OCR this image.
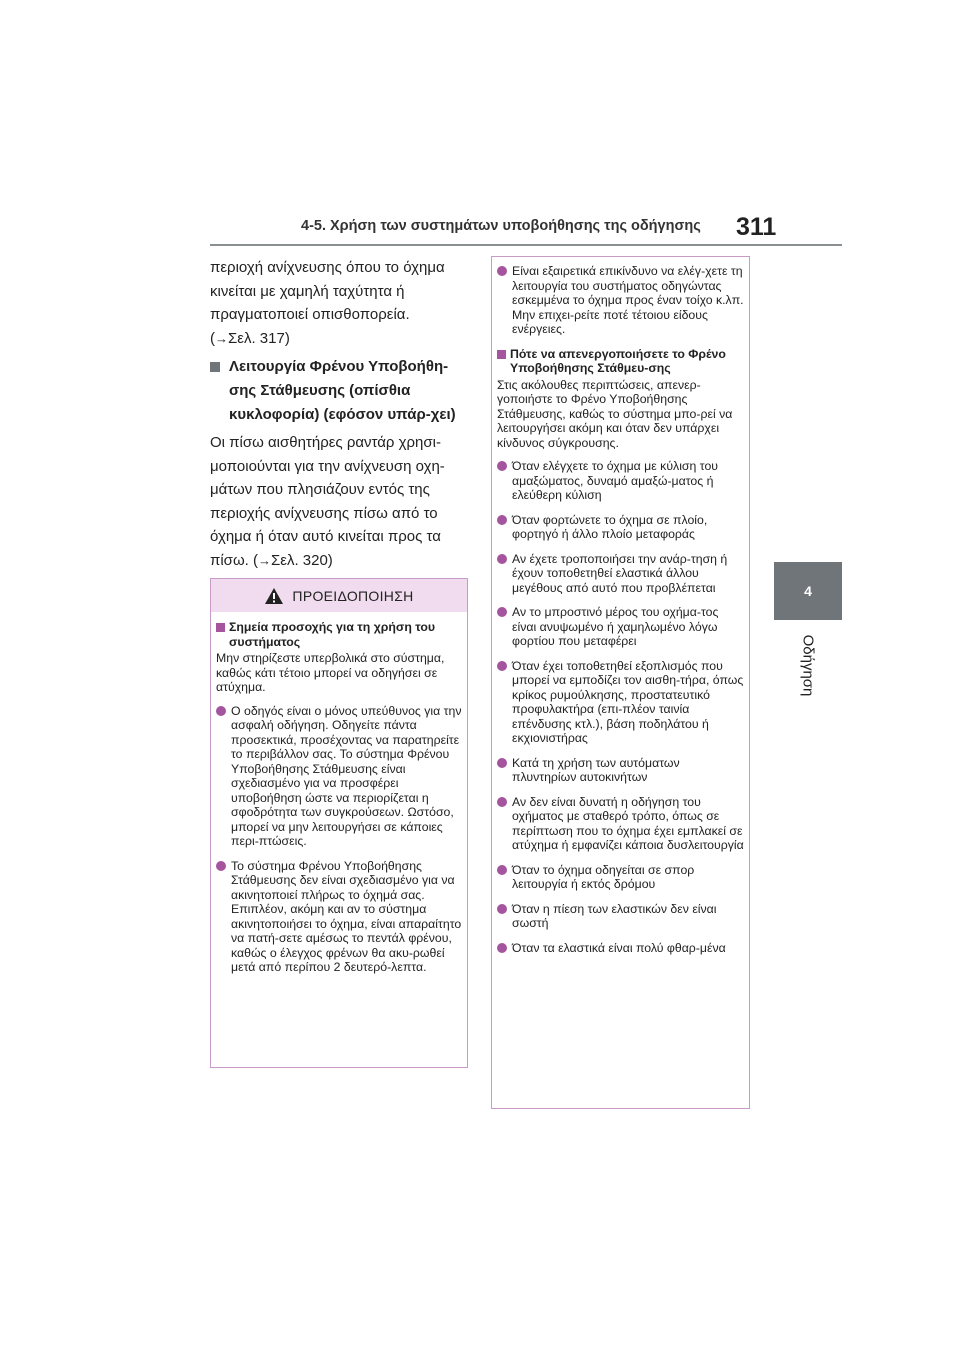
4-5. Χρήση των συστημάτων υποβοήθησης της οδήγησης 311
4
Οδήγηση

περιοχή ανίχνευσης όπου το όχημα κινείται με χαμηλή ταχύτητα ή πραγματοποιεί οπισθοπορεία.
(→Σελ. 317)

Λειτουργία Φρένου Υποβοήθη-σης Στάθμευσης (οπίσθια κυκλοφορία) (εφόσον υπάρ-χει)

Οι πίσω αισθητήρες ραντάρ χρησι-μοποιούνται για την ανίχνευση οχη-μάτων που πλησιάζουν εντός της περιοχής ανίχνευσης πίσω από το όχημα ή όταν αυτό κινείται προς τα πίσω. (→Σελ. 320)

ΠΡΟΕΙΔΟΠΟΙΗΣΗ
Σημεία προσοχής για τη χρήση του συστήματος

Μην στηρίζεστε υπερβολικά στο σύστημα, καθώς κάτι τέτοιο μπορεί να οδηγήσει σε ατύχημα.

Ο οδηγός είναι ο μόνος υπεύθυνος για την ασφαλή οδήγηση. Οδηγείτε πάντα προσεκτικά, προσέχοντας να παρατηρείτε το περιβάλλον σας. Το σύστημα Φρένου Υποβοήθησης Στάθμευσης είναι σχεδιασμένο για να προσφέρει υποβοήθηση ώστε να περιορίζεται η σφοδρότητα των συγκρούσεων. Ωστόσο, μπορεί να μην λειτουργήσει σε κάποιες περι-πτώσεις.
Το σύστημα Φρένου Υποβοήθησης Στάθμευσης δεν είναι σχεδιασμένο για να ακινητοποιεί πλήρως το όχημά σας. Επιπλέον, ακόμη και αν το σύστημα ακινητοποιήσει το όχημα, είναι απαραίτητο να πατή-σετε αμέσως το πεντάλ φρένου, καθώς ο έλεγχος φρένων θα ακυ-ρωθεί μετά από περίπου 2 δευτερό-λεπτα.
Είναι εξαιρετικά επικίνδυνο να ελέγ-χετε τη λειτουργία του συστήματος οδηγώντας εσκεμμένα το όχημα προς έναν τοίχο κ.λπ. Μην επιχει-ρείτε ποτέ τέτοιου είδους ενέργειες.
Πότε να απενεργοποιήσετε το Φρένο Υποβοήθησης Στάθμευ-σης

Στις ακόλουθες περιπτώσεις, απενερ-γοποιήστε το Φρένο Υποβοήθησης Στάθμευσης, καθώς το σύστημα μπο-ρεί να λειτουργήσει ακόμη και όταν δεν υπάρχει κίνδυνος σύγκρουσης.

Όταν ελέγχετε το όχημα με κύλιση του αμαξώματος, δυναμό αμαξώ-ματος ή ελεύθερη κύλιση
Όταν φορτώνετε το όχημα σε πλοίο, φορτηγό ή άλλο πλοίο μεταφοράς
Αν έχετε τροποποιήσει την ανάρ-τηση ή έχουν τοποθετηθεί ελαστικά άλλου μεγέθους από αυτό που προβλέπεται
Αν το μπροστινό μέρος του οχήμα-τος είναι ανυψωμένο ή χαμηλωμένο λόγω φορτίου που μεταφέρει
Όταν έχει τοποθετηθεί εξοπλισμός που μπορεί να εμποδίζει τον αισθη-τήρα, όπως κρίκος ρυμούλκησης, προστατευτικό προφυλακτήρα (επι-πλέον ταινία επένδυσης κτλ.), βάση ποδηλάτου ή εκχιονιστήρας
Κατά τη χρήση των αυτόματων πλυντηρίων αυτοκινήτων
Αν δεν είναι δυνατή η οδήγηση του οχήματος με σταθερό τρόπο, όπως σε περίπτωση που το όχημα έχει εμπλακεί σε ατύχημα ή εμφανίζει κάποια δυσλειτουργία
Όταν το όχημα οδηγείται σε σπορ λειτουργία ή εκτός δρόμου
Όταν η πίεση των ελαστικών δεν είναι σωστή
Όταν τα ελαστικά είναι πολύ φθαρ-μένα
